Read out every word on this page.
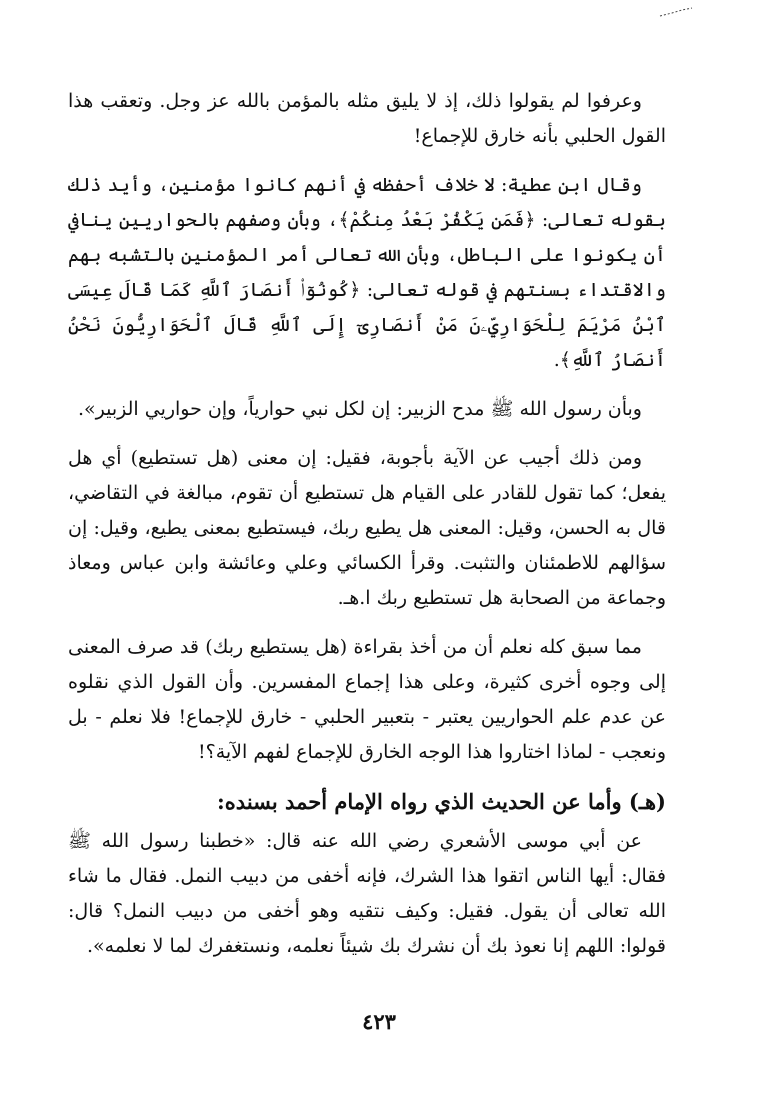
وعرفوا لم يقولوا ذلك، إذ لا يليق مثله بالمؤمن بالله عز وجل. وتعقب هذا القول الحلبي بأنه خارق للإجماع!

وقال ابن عطية: لا خلاف أحفظه في أنهم كانوا مؤمنين، وأيد ذلك بقوله تعالى: ﴿فَمَن يَكْفُرْ بَعْدُ مِنكُمْ﴾، وبأن وصفهم بالحواريين ينافي أن يكونوا على الباطل، وبأن الله تعالى أمر المؤمنين بالتشبه بهم والاقتداء بسنتهم في قوله تعالى: ﴿كُونُوٓا۟ أَنصَارَ ٱللَّهِ كَمَا قَالَ عِيسَى ٱبْنُ مَرْيَمَ لِلْحَوَارِيِّۦنَ مَنْ أَنصَارِىٓ إِلَى ٱللَّهِ قَالَ ٱلْحَوَارِيُّونَ نَحْنُ أَنصَارُ ٱللَّهِ﴾.

وبأن رسول الله ﷺ مدح الزبير: إن لكل نبي حوارياً، وإن حواريي الزبير».

ومن ذلك أجيب عن الآية بأجوبة، فقيل: إن معنى (هل تستطيع) أي هل يفعل؛ كما تقول للقادر على القيام هل تستطيع أن تقوم، مبالغة في التقاضي، قال به الحسن، وقيل: المعنى هل يطيع ربك، فيستطيع بمعنى يطيع، وقيل: إن سؤالهم للاطمئنان والتثبت. وقرأ الكسائي وعلي وعائشة وابن عباس ومعاذ وجماعة من الصحابة هل تستطيع ربك ا.هـ.

مما سبق كله نعلم أن من أخذ بقراءة (هل يستطيع ربك) قد صرف المعنى إلى وجوه أخرى كثيرة، وعلى هذا إجماع المفسرين. وأن القول الذي نقلوه عن عدم علم الحواريين يعتبر - بتعبير الحلبي - خارق للإجماع! فلا نعلم - بل ونعجب - لماذا اختاروا هذا الوجه الخارق للإجماع لفهم الآية؟!

(هـ) وأما عن الحديث الذي رواه الإمام أحمد بسنده:

عن أبي موسى الأشعري رضي الله عنه قال: «خطبنا رسول الله ﷺ فقال: أيها الناس اتقوا هذا الشرك، فإنه أخفى من دبيب النمل. فقال ما شاء الله تعالى أن يقول. فقيل: وكيف نتقيه وهو أخفى من دبيب النمل؟ قال: قولوا: اللهم إنا نعوذ بك أن نشرك بك شيئاً نعلمه، ونستغفرك لما لا نعلمه».

٤٢٣
